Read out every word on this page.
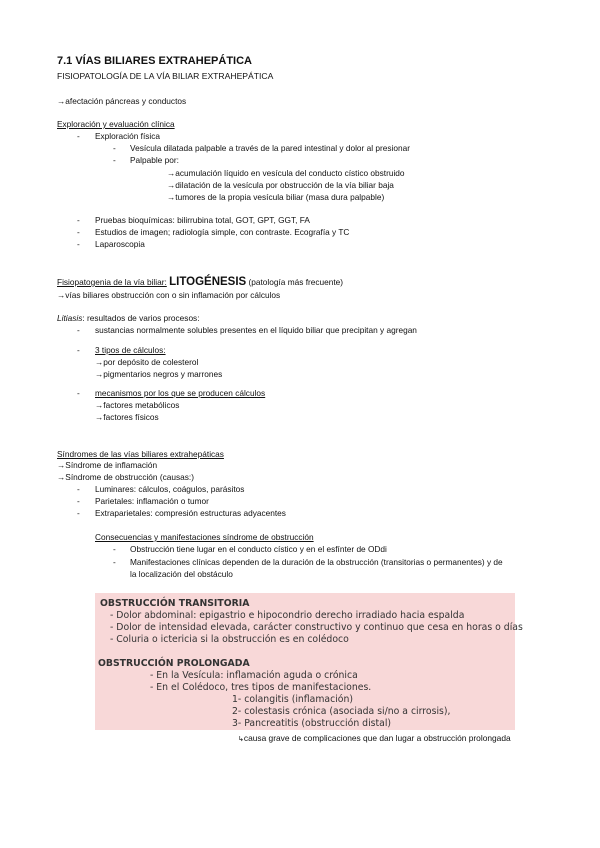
7.1 VÍAS BILIARES EXTRAHEPÁTICA
FISIOPATOLOGÍA DE LA VÍA BILIAR EXTRAHEPÁTICA
→afectación páncreas y conductos
Exploración y evaluación clínica
- Exploración física
- Vesícula dilatada palpable a través de la pared intestinal y dolor al presionar
- Palpable por:
→acumulación líquido en vesícula del conducto cístico obstruido
→dilatación de la vesícula por obstrucción de la vía biliar baja
→tumores de la propia vesícula biliar (masa dura palpable)
- Pruebas bioquímicas: bilirrubina total, GOT, GPT, GGT, FA
- Estudios de imagen; radiología simple, con contraste. Ecografía y TC
- Laparoscopia
Fisiopatogenia de la vía biliar: LITOGÉNESIS (patología más frecuente)
→vías biliares obstrucción con o sin inflamación por cálculos
Litiasis: resultados de varios procesos:
- sustancias normalmente solubles presentes en el líquido biliar que precipitan y agregan
- 3 tipos de cálculos:
→por depósito de colesterol
→pigmentarios negros y marrones
- mecanismos por los que se producen cálculos
→factores metabólicos
→factores físicos
Síndromes de las vías biliares extrahepáticas
→Síndrome de inflamación
→Síndrome de obstrucción (causas:)
- Luminares: cálculos, coágulos, parásitos
- Parietales: inflamación o tumor
- Extraparietales: compresión estructuras adyacentes
Consecuencias y manifestaciones síndrome de obstrucción
- Obstrucción tiene lugar en el conducto cístico y en el esfínter de ODdi
- Manifestaciones clínicas dependen de la duración de la obstrucción (transitorias o permanentes) y de
la localización del obstáculo
OBSTRUCCIÓN TRANSITORIA
- Dolor abdominal: epigastrio e hipocondrio derecho irradiado hacia espalda
- Dolor de intensidad elevada, carácter constructivo y continuo que cesa en horas o días
- Coluria o ictericia si la obstrucción es en colédoco
OBSTRUCCIÓN PROLONGADA
- En la Vesícula: inflamación aguda o crónica
- En el Colédoco, tres tipos de manifestaciones.
1- colangitis (inflamación)
2- colestasis crónica (asociada si/no a cirrosis),
3- Pancreatitis (obstrucción distal)
↳causa grave de complicaciones que dan lugar a obstrucción prolongada
